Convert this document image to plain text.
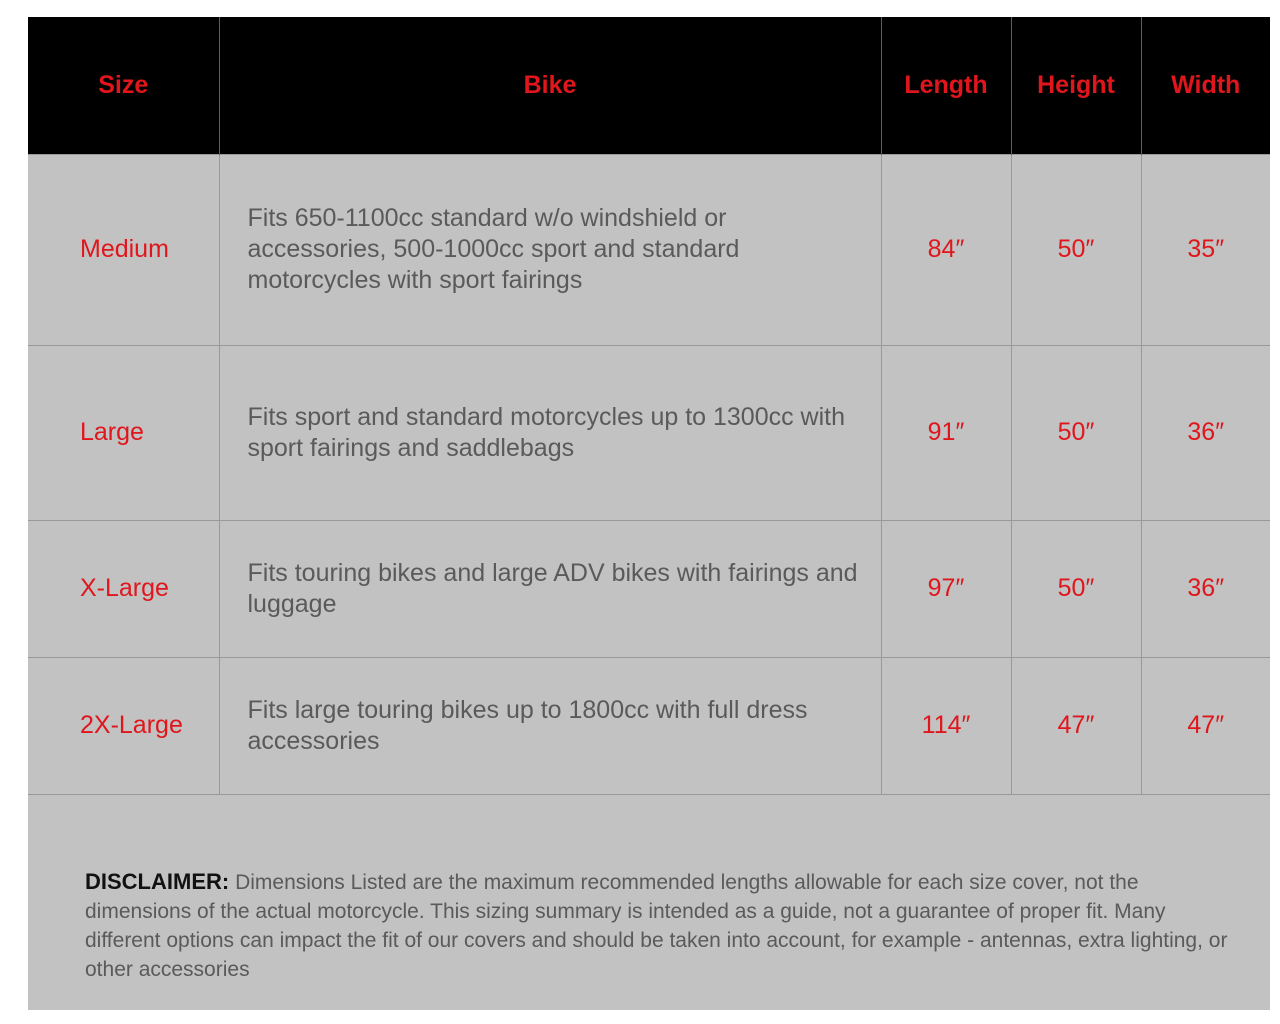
Size	Bike	Length	Height	Width
Medium	Fits 650-1100cc standard w/o windshield or accessories, 500-1000cc sport and standard motorcycles with sport fairings	84″	50″	35″
Large	Fits sport and standard motorcycles up to 1300cc with sport fairings and saddlebags	91″	50″	36″
X-Large	Fits touring bikes and large ADV bikes with fairings and luggage	97″	50″	36″
2X-Large	Fits large touring bikes up to 1800cc with full dress accessories	114″	47″	47″
DISCLAIMER: Dimensions Listed are the maximum recommended lengths allowable for each size cover, not the dimensions of the actual motorcycle. This sizing summary is intended as a guide, not a guarantee of proper fit. Many different options can impact the fit of our covers and should be taken into account, for example - antennas, extra lighting, or other accessories
